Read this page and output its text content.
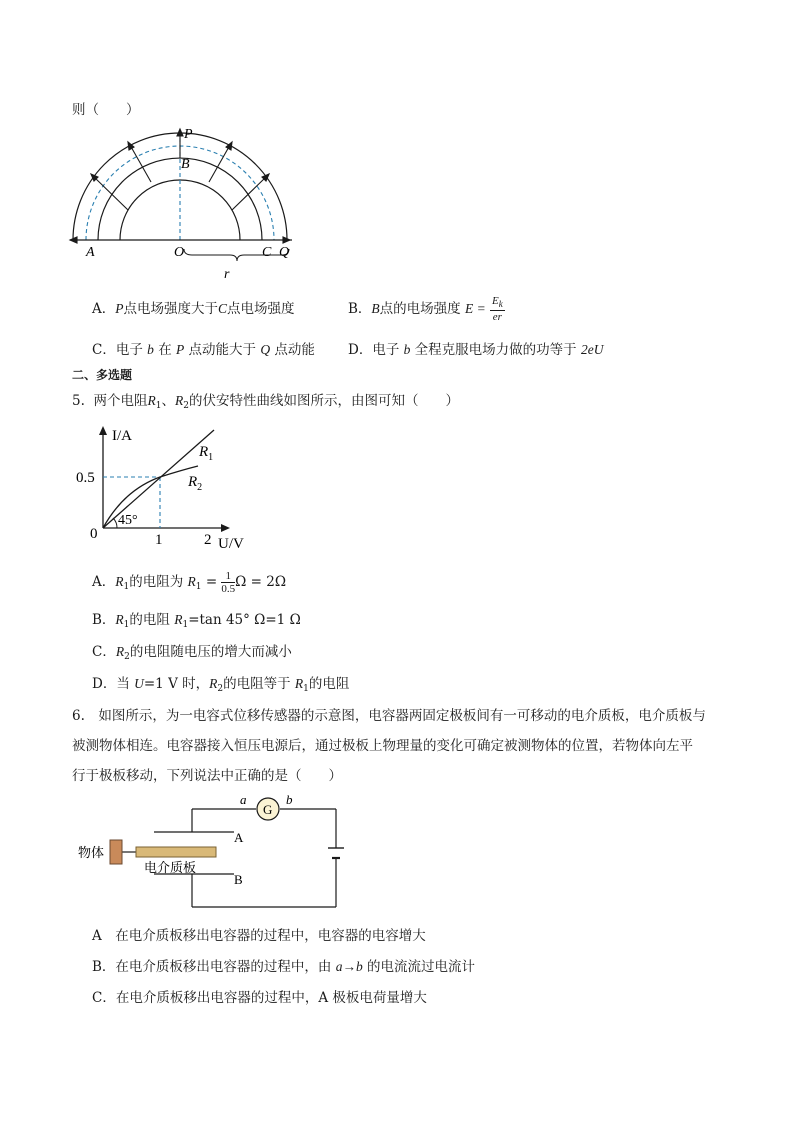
则（　　）
P
B
A	O	C Q
r
A．P点电场强度大于C点电场强度	B．B点的电场强度 $E = \frac{E_k}{er}$
C．电子 b 在 P 点动能大于 Q 点动能 D．电子 b 全程克服电场力做的功等于 2eU
二、多选题
5. 两个电阻$R_1$、$R_2$的伏安特性曲线如图所示，由图可知（　　）
I/A
U/V
0
0.5
1	2
45°
$R_1$
$R_2$
A．$R_1$的电阻为 $R_1 = \frac{1}{0.5}$ Ω = 2Ω
B．$R_1$的电阻 $R_1=\tan$ 45° Ω=1 Ω
C．$R_2$的电阻随电压的增大而减小
D．当 U=1 V 时，$R_2$的电阻等于 $R_1$的电阻
6.　如图所示，为一电容式位移传感器的示意图，电容器两固定极板间有一可移动的电介质板，电介质板与
被测物体相连。电容器接入恒压电源后，通过极板上物理量的变化可确定被测物体的位置，若物体向左平
行于极板移动，下列说法中正确的是（　　）
G
物体
电介质板
A
B
a	b
A　在电介质板移出电容器的过程中，电容器的电容增大
B．在电介质板移出电容器的过程中，由 a→b 的电流流过电流计
C．在电介质板移出电容器的过程中，A 极板电荷量增大
